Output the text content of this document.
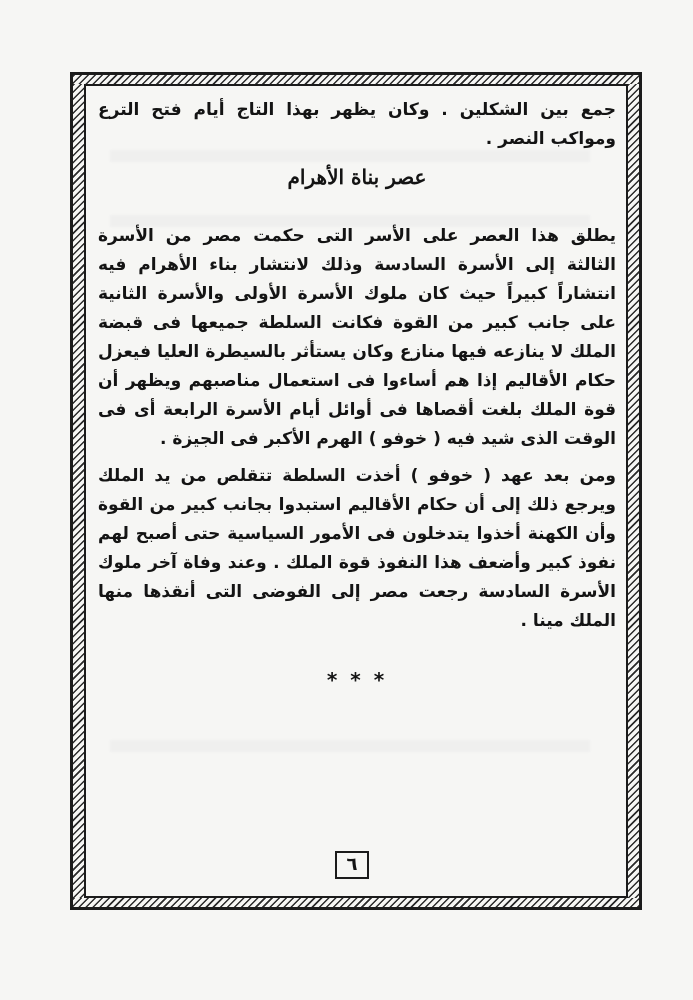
جمع بين الشكلين . وكان يظهر بهذا التاج أيام فتح الترع ومواكب النصر .

عصر بناة الأهرام

يطلق هذا العصر على الأسر التى حكمت مصر من الأسرة الثالثة إلى الأسرة السادسة وذلك لانتشار بناء الأهرام فيه انتشاراً كبيراً حيث كان ملوك الأسرة الأولى والأسرة الثانية على جانب كبير من القوة فكانت السلطة جميعها فى قبضة الملك لا ينازعه فيها منازع وكان يستأثر بالسيطرة العليا فيعزل حكام الأقاليم إذا هم أساءوا فى استعمال مناصبهم ويظهر أن قوة الملك بلغت أقصاها فى أوائل أيام الأسرة الرابعة أى فى الوقت الذى شيد فيه ( خوفو ) الهرم الأكبر فى الجيزة .

ومن بعد عهد ( خوفو ) أخذت السلطة تتقلص من يد الملك ويرجع ذلك إلى أن حكام الأقاليم استبدوا بجانب كبير من القوة وأن الكهنة أخذوا يتدخلون فى الأمور السياسية حتى أصبح لهم نفوذ كبير وأضعف هذا النفوذ قوة الملك . وعند وفاة آخر ملوك الأسرة السادسة رجعت مصر إلى الفوضى التى أنقذها منها الملك مينا .

* * *

٦
